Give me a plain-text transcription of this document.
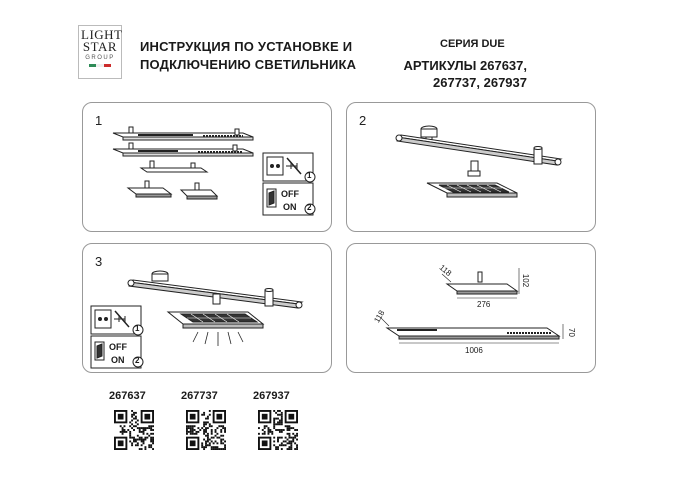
LIGHT
STAR
GROUP
ИНСТРУКЦИЯ ПО УСТАНОВКЕ И
ПОДКЛЮЧЕНИЮ СВЕТИЛЬНИКА
СЕРИЯ DUE
АРТИКУЛЫ 267637,
267737, 267937
1
1
OFF
ON 2
2
3
1
OFF
ON 2
118
276
102
118
1006
70
267637	267737	267937
